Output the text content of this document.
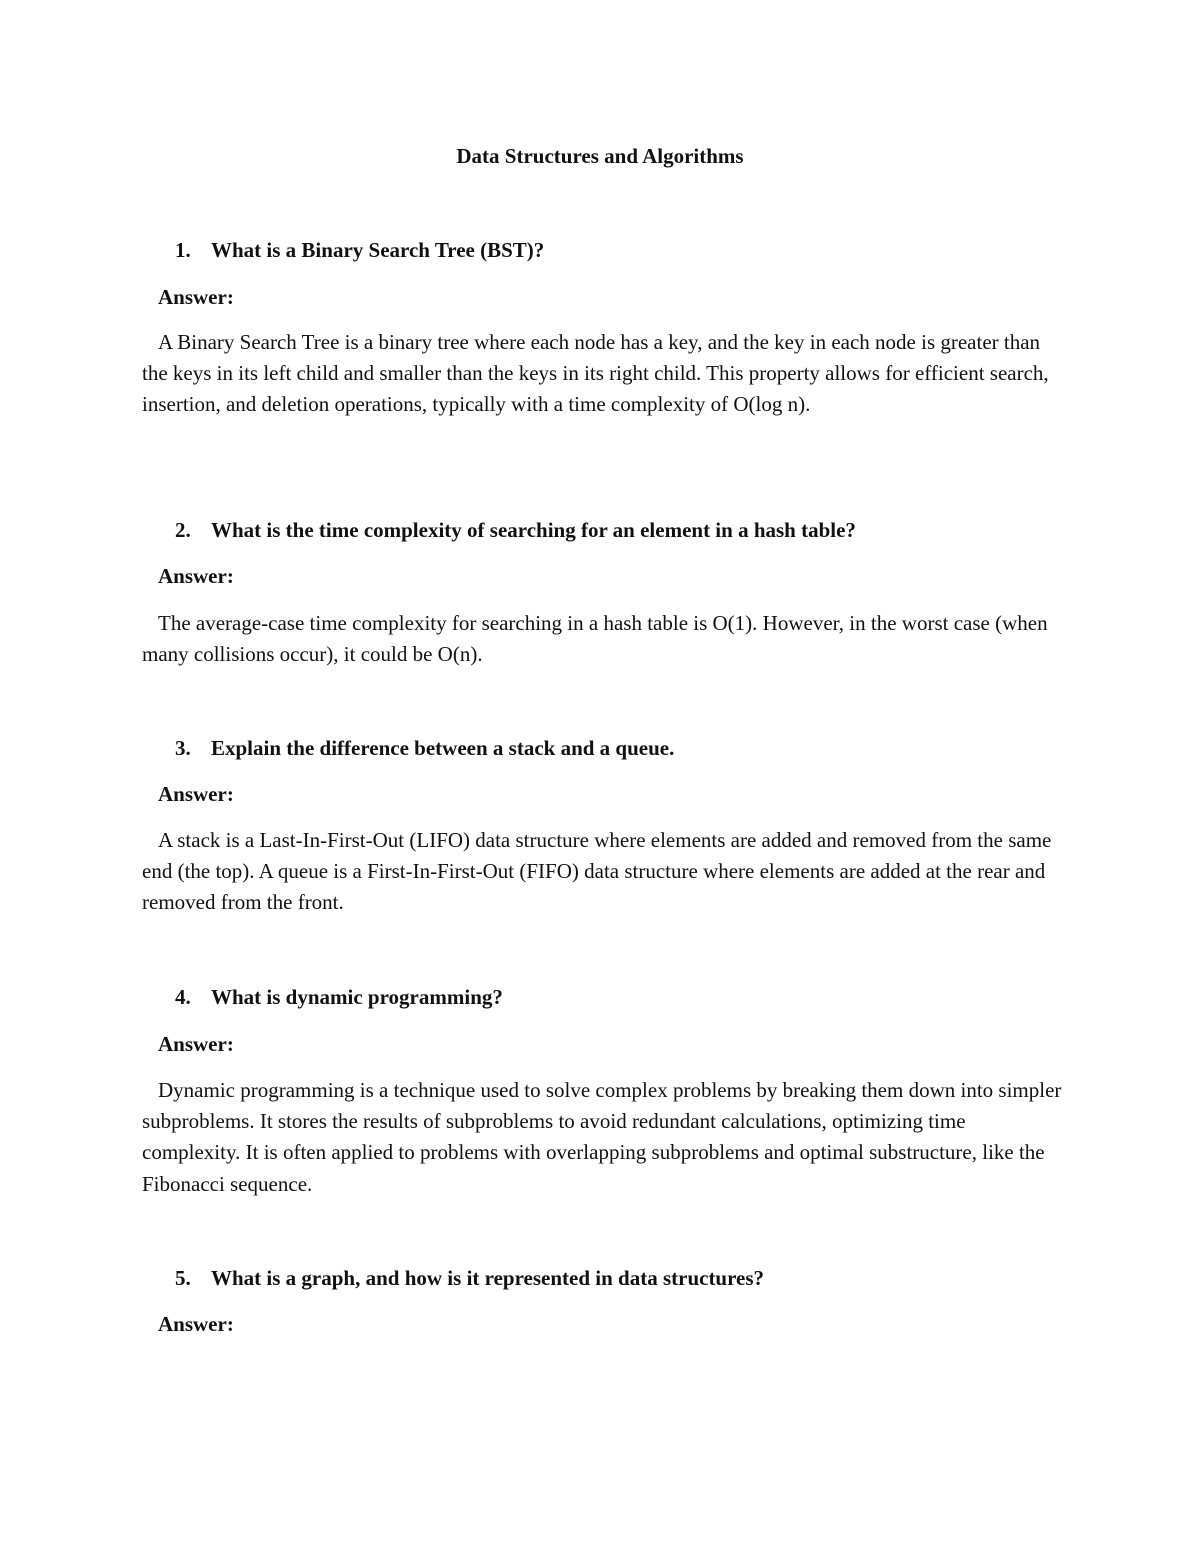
Data Structures and Algorithms
1. What is a Binary Search Tree (BST)?
Answer:
A Binary Search Tree is a binary tree where each node has a key, and the key in each node is greater than the keys in its left child and smaller than the keys in its right child. This property allows for efficient search, insertion, and deletion operations, typically with a time complexity of O(log n).
2. What is the time complexity of searching for an element in a hash table?
Answer:
The average-case time complexity for searching in a hash table is O(1). However, in the worst case (when many collisions occur), it could be O(n).
3. Explain the difference between a stack and a queue.
Answer:
A stack is a Last-In-First-Out (LIFO) data structure where elements are added and removed from the same end (the top). A queue is a First-In-First-Out (FIFO) data structure where elements are added at the rear and removed from the front.
4. What is dynamic programming?
Answer:
Dynamic programming is a technique used to solve complex problems by breaking them down into simpler subproblems. It stores the results of subproblems to avoid redundant calculations, optimizing time complexity. It is often applied to problems with overlapping subproblems and optimal substructure, like the Fibonacci sequence.
5. What is a graph, and how is it represented in data structures?
Answer:
